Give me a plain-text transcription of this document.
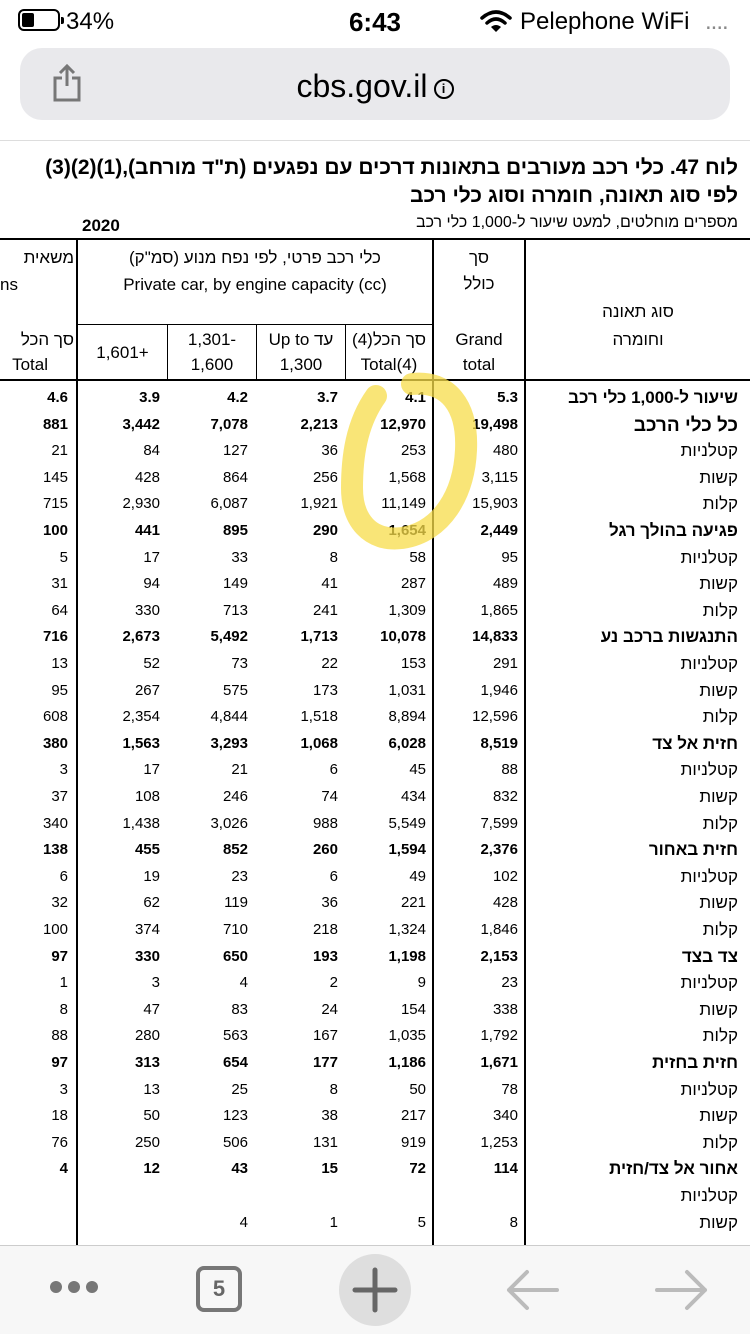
34%	6:43	Pelephone WiFi ....
cbs.gov.il i
לוח 47. כלי רכב מעורבים בתאונות דרכים עם נפגעים (ת"ד מורחב),(1)(2)(3) לפי סוג תאונה, חומרה וסוג כלי רכב
מספרים מוחלטים, למעט שיעור ל-1,000 כלי רכב
2020
סוג תאונה
וחומרה
סך
כולל
Grand
total
כלי רכב פרטי, לפי נפח מנוע (סמ"ק)
Private car, by engine capacity (cc)
סך הכל(4)
Total(4)
Up to עד
1,300
1,301-
1,600
1,601+
משאית
ns
סך הכל
Total
שיעור ל-1,000 כלי רכב
5.3
4.1
3.7
4.2
3.9
4.6
כל כלי הרכב
19,498
12,970
2,213
7,078
3,442
881
קטלניות
480
253
36
127
84
21
קשות
3,115
1,568
256
864
428
145
קלות
15,903
11,149
1,921
6,087
2,930
715
פגיעה בהולך רגל
2,449
1,654
290
895
441
100
קטלניות
95
58
8
33
17
5
קשות
489
287
41
149
94
31
קלות
1,865
1,309
241
713
330
64
התנגשות ברכב נע
14,833
10,078
1,713
5,492
2,673
716
קטלניות
291
153
22
73
52
13
קשות
1,946
1,031
173
575
267
95
קלות
12,596
8,894
1,518
4,844
2,354
608
חזית אל צד
8,519
6,028
1,068
3,293
1,563
380
קטלניות
88
45
6
21
17
3
קשות
832
434
74
246
108
37
קלות
7,599
5,549
988
3,026
1,438
340
חזית באחור
2,376
1,594
260
852
455
138
קטלניות
102
49
6
23
19
6
קשות
428
221
36
119
62
32
קלות
1,846
1,324
218
710
374
100
צד בצד
2,153
1,198
193
650
330
97
קטלניות
23
9
2
4
3
1
קשות
338
154
24
83
47
8
קלות
1,792
1,035
167
563
280
88
חזית בחזית
1,671
1,186
177
654
313
97
קטלניות
78
50
8
25
13
3
קשות
340
217
38
123
50
18
קלות
1,253
919
131
506
250
76
אחור אל צד/חזית
114
72
15
43
12
4
קטלניות
קשות
8
5
1
4
5
